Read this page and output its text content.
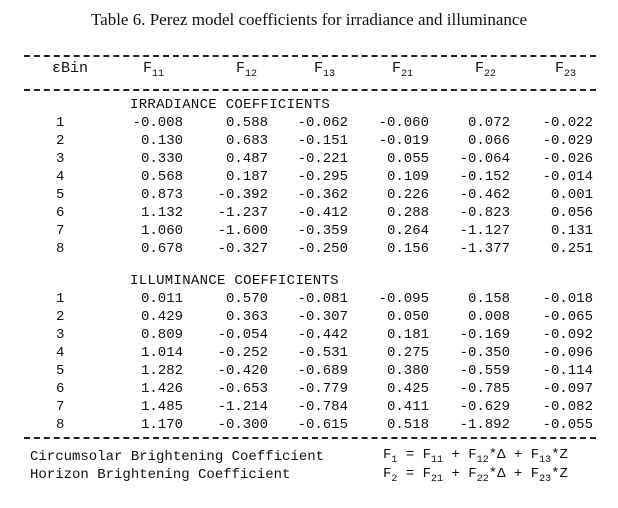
Table 6. Perez model coefficients for irradiance and illuminance
εBin	$F_{11}$	$F_{12}$	$F_{13}$	$F_{21}$	$F_{22}$	$F_{23}$
IRRADIANCE COEFFICIENTS
1	-0.008	0.588 -0.062 -0.060	0.072 -0.022
2	0.130	0.683 -0.151 -0.019	0.066 -0.029
3	0.330	0.487 -0.221	0.055 -0.064 -0.026
4	0.568	0.187 -0.295	0.109 -0.152 -0.014
5	0.873 -0.392 -0.362	0.226 -0.462	0.001
6	1.132 -1.237 -0.412	0.288 -0.823	0.056
7	1.060 -1.600 -0.359	0.264 -1.127	0.131
8	0.678 -0.327 -0.250	0.156 -1.377	0.251
ILLUMINANCE COEFFICIENTS
1	0.011	0.570 -0.081 -0.095	0.158 -0.018
2	0.429	0.363 -0.307	0.050	0.008 -0.065
3	0.809 -0.054 -0.442	0.181 -0.169 -0.092
4	1.014 -0.252 -0.531	0.275 -0.350 -0.096
5	1.282 -0.420 -0.689	0.380 -0.559 -0.114
6	1.426 -0.653 -0.779	0.425 -0.785 -0.097
7	1.485 -1.214 -0.784	0.411 -0.629 -0.082
8	1.170 -0.300 -0.615	0.518 -1.892 -0.055
Circumsolar Brightening Coefficient	$F_1 = F_{11} + F_{12}*\Delta + F_{13}*Z$
Horizon Brightening Coefficient	$F_2 = F_{21} + F_{22}*\Delta + F_{23}*Z$
